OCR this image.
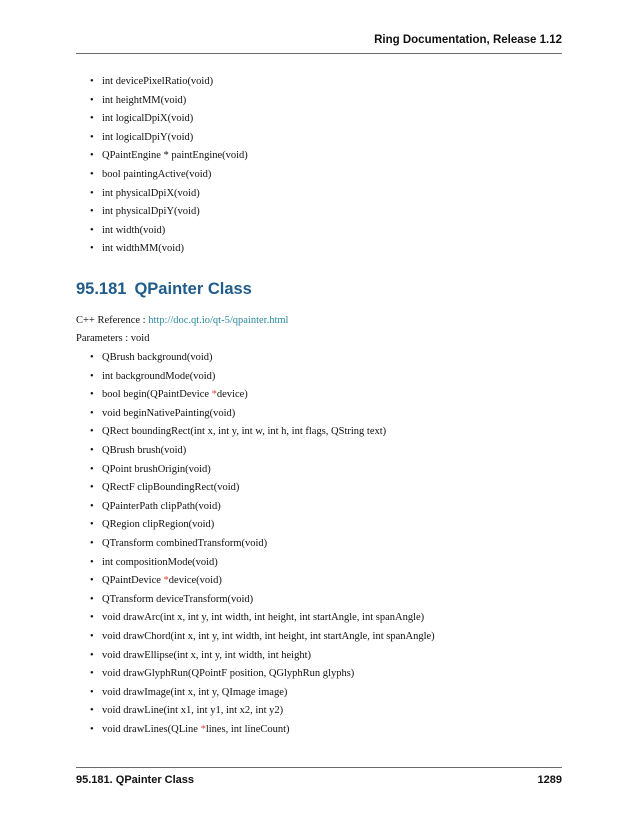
Ring Documentation, Release 1.12
• int devicePixelRatio(void)
• int heightMM(void)
• int logicalDpiX(void)
• int logicalDpiY(void)
• QPaintEngine * paintEngine(void)
• bool paintingActive(void)
• int physicalDpiX(void)
• int physicalDpiY(void)
• int width(void)
• int widthMM(void)
95.181 QPainter Class
C++ Reference : http://doc.qt.io/qt-5/qpainter.html
Parameters : void
• QBrush background(void)
• int backgroundMode(void)
• bool begin(QPaintDevice *device)
• void beginNativePainting(void)
• QRect boundingRect(int x, int y, int w, int h, int flags, QString text)
• QBrush brush(void)
• QPoint brushOrigin(void)
• QRectF clipBoundingRect(void)
• QPainterPath clipPath(void)
• QRegion clipRegion(void)
• QTransform combinedTransform(void)
• int compositionMode(void)
• QPaintDevice *device(void)
• QTransform deviceTransform(void)
• void drawArc(int x, int y, int width, int height, int startAngle, int spanAngle)
• void drawChord(int x, int y, int width, int height, int startAngle, int spanAngle)
• void drawEllipse(int x, int y, int width, int height)
• void drawGlyphRun(QPointF position, QGlyphRun glyphs)
• void drawImage(int x, int y, QImage image)
• void drawLine(int x1, int y1, int x2, int y2)
• void drawLines(QLine *lines, int lineCount)
95.181. QPainter Class	1289
